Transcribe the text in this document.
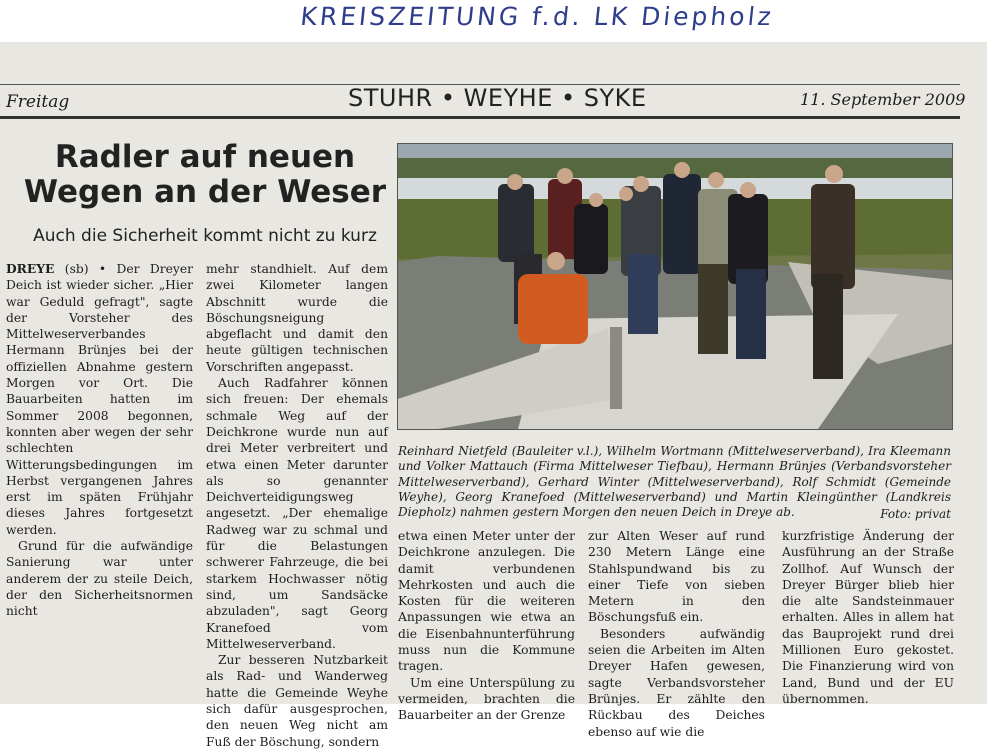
KREISZEITUNG f.d. LK Diepholz
Freitag	STUHR • WEYHE • SYKE	11. September 2009
Radler auf neuen
Wegen an der Weser
Auch die Sicherheit kommt nicht zu kurz

DREYE (sb) • Der Dreyer Deich ist wieder sicher. „Hier war Geduld gefragt", sagte der Vorsteher des Mittelweserverbandes Hermann Brünjes bei der offiziellen Abnahme gestern Morgen vor Ort. Die Bauarbeiten hatten im Sommer 2008 begonnen, konnten aber wegen der sehr schlechten Witterungsbedingungen im Herbst vergangenen Jahres erst im späten Frühjahr dieses Jahres fortgesetzt werden.

Grund für die aufwändige Sanierung war unter anderem der zu steile Deich, der den Sicherheitsnormen nicht

mehr standhielt. Auf dem zwei Kilometer langen Abschnitt wurde die Böschungsneigung abgeflacht und damit den heute gültigen technischen Vorschriften angepasst.

Auch Radfahrer können sich freuen: Der ehemals schmale Weg auf der Deichkrone wurde nun auf drei Meter verbreitert und etwa einen Meter darunter als so genannter Deichverteidigungsweg angesetzt. „Der ehemalige Radweg war zu schmal und für die Belastungen schwerer Fahrzeuge, die bei starkem Hochwasser nötig sind, um Sandsäcke abzuladen", sagt Georg Kranefoed vom Mittelweserverband.

Zur besseren Nutzbarkeit als Rad- und Wanderweg hatte die Gemeinde Weyhe sich dafür ausgesprochen, den neuen Weg nicht am Fuß der Böschung, sondern

Reinhard Nietfeld (Bauleiter v.l.), Wilhelm Wortmann (Mittelweserverband), Ira Kleemann und Volker Mattauch (Firma Mittelweser Tiefbau), Hermann Brünjes (Verbandsvorsteher Mittelweserverband), Gerhard Winter (Mittelweserverband), Rolf Schmidt (Gemeinde Weyhe), Georg Kranefoed (Mittelweserverband) und Martin Kleingünther (Landkreis Diepholz) nahmen gestern Morgen den neuen Deich in Dreye ab.	Foto: privat

etwa einen Meter unter der Deichkrone anzulegen. Die damit verbundenen Mehrkosten und auch die Kosten für die weiteren Anpassungen wie etwa an die Eisenbahnunterführung muss nun die Kommune tragen.

Um eine Unterspülung zu vermeiden, brachten die Bauarbeiter an der Grenze

zur Alten Weser auf rund 230 Metern Länge eine Stahlspundwand bis zu einer Tiefe von sieben Metern in den Böschungsfuß ein.

Besonders aufwändig seien die Arbeiten im Alten Dreyer Hafen gewesen, sagte Verbandsvorsteher Brünjes. Er zählte den Rückbau des Deiches ebenso auf wie die

kurzfristige Änderung der Ausführung an der Straße Zollhof. Auf Wunsch der Dreyer Bürger blieb hier die alte Sandsteinmauer erhalten. Alles in allem hat das Bauprojekt rund drei Millionen Euro gekostet. Die Finanzierung wird von Land, Bund und der EU übernommen.
